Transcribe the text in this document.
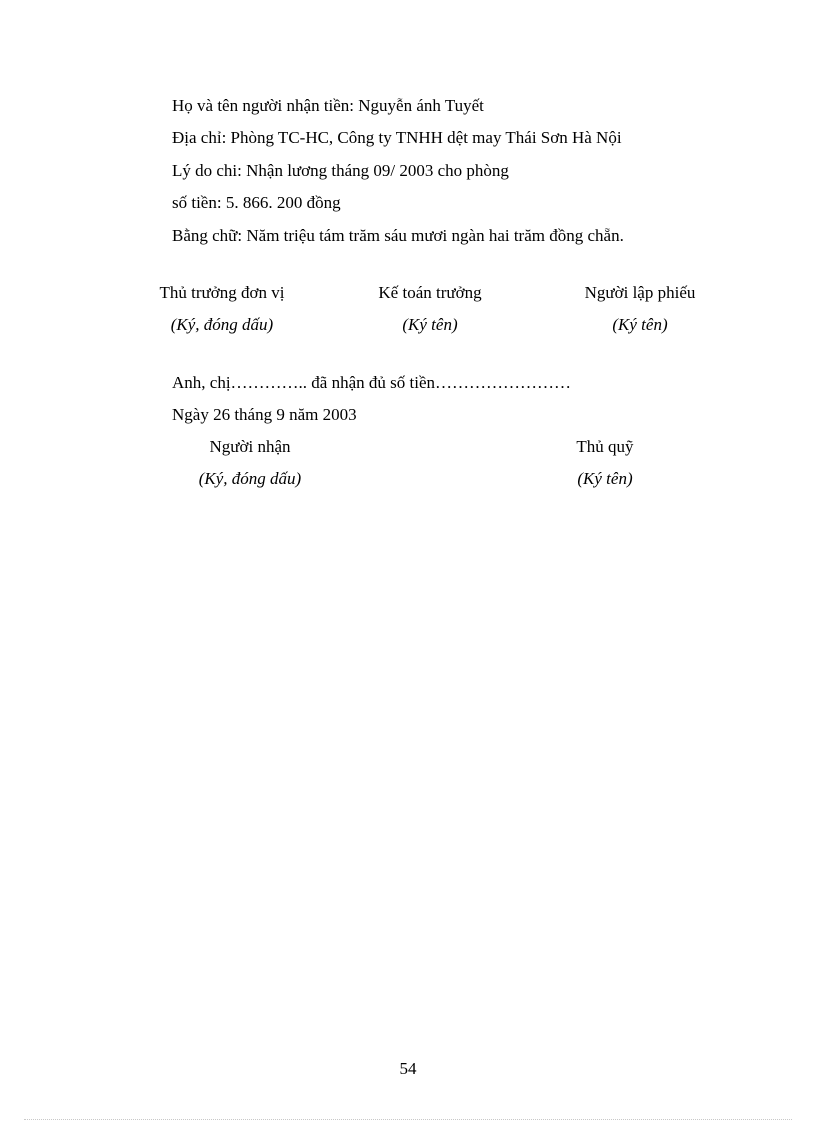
Họ và tên người nhận tiền: Nguyễn ánh Tuyết
Địa chỉ: Phòng TC-HC, Công ty TNHH dệt may Thái Sơn Hà Nội
Lý do chi: Nhận lương tháng 09/ 2003 cho phòng
số tiền: 5. 866. 200 đồng
Bằng chữ: Năm triệu tám trăm sáu mươi ngàn hai trăm đồng chẵn.
Thủ trưởng đơn vị
(Ký, đóng dấu)
Kế toán trưởng
(Ký tên)
Người lập phiếu
(Ký tên)
Anh, chị………….. đã nhận đủ số tiền……………………
Ngày 26 tháng 9 năm 2003
Người nhận
(Ký, đóng dấu)
Thủ quỹ
(Ký tên)
54
